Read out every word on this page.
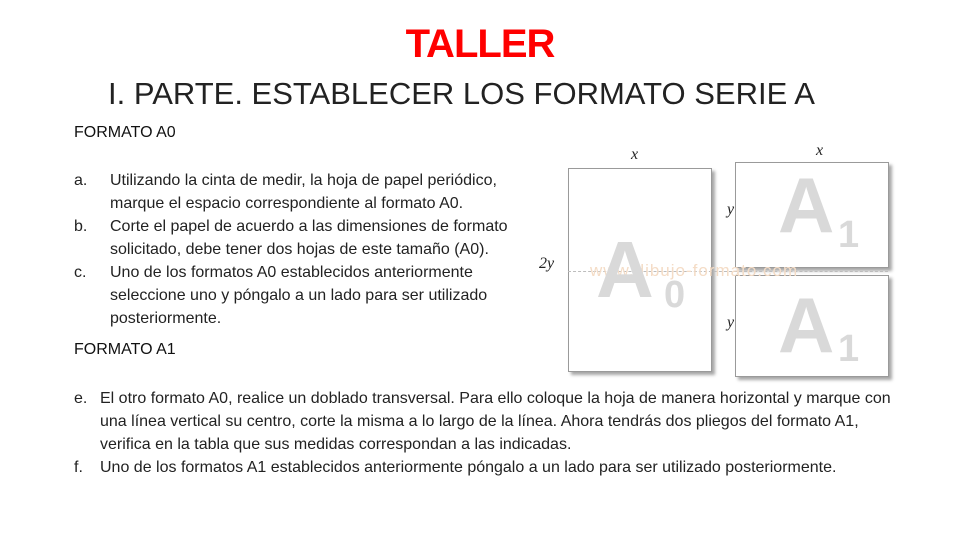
TALLER
I. PARTE. ESTABLECER LOS FORMATO SERIE A
FORMATO A0
a. Utilizando la cinta de medir, la hoja de papel periódico, marque el espacio correspondiente al formato A0.
b. Corte el papel de acuerdo a las dimensiones de formato solicitado, debe tener dos hojas de este tamaño (A0).
c. Uno de los formatos A0 establecidos anteriormente seleccione uno y póngalo a un lado para ser utilizado posteriormente.
FORMATO A1
www.dibujo-formato.com
A 0
A 1
A 1
x	x
2y
y
y
e. El otro formato A0, realice un doblado transversal. Para ello coloque la hoja de manera horizontal y marque con una línea vertical su centro, corte la misma a lo largo de la línea. Ahora tendrás dos pliegos del formato A1, verifica en la tabla que sus medidas correspondan a las indicadas.
f. Uno de los formatos A1 establecidos anteriormente póngalo a un lado para ser utilizado posteriormente.
